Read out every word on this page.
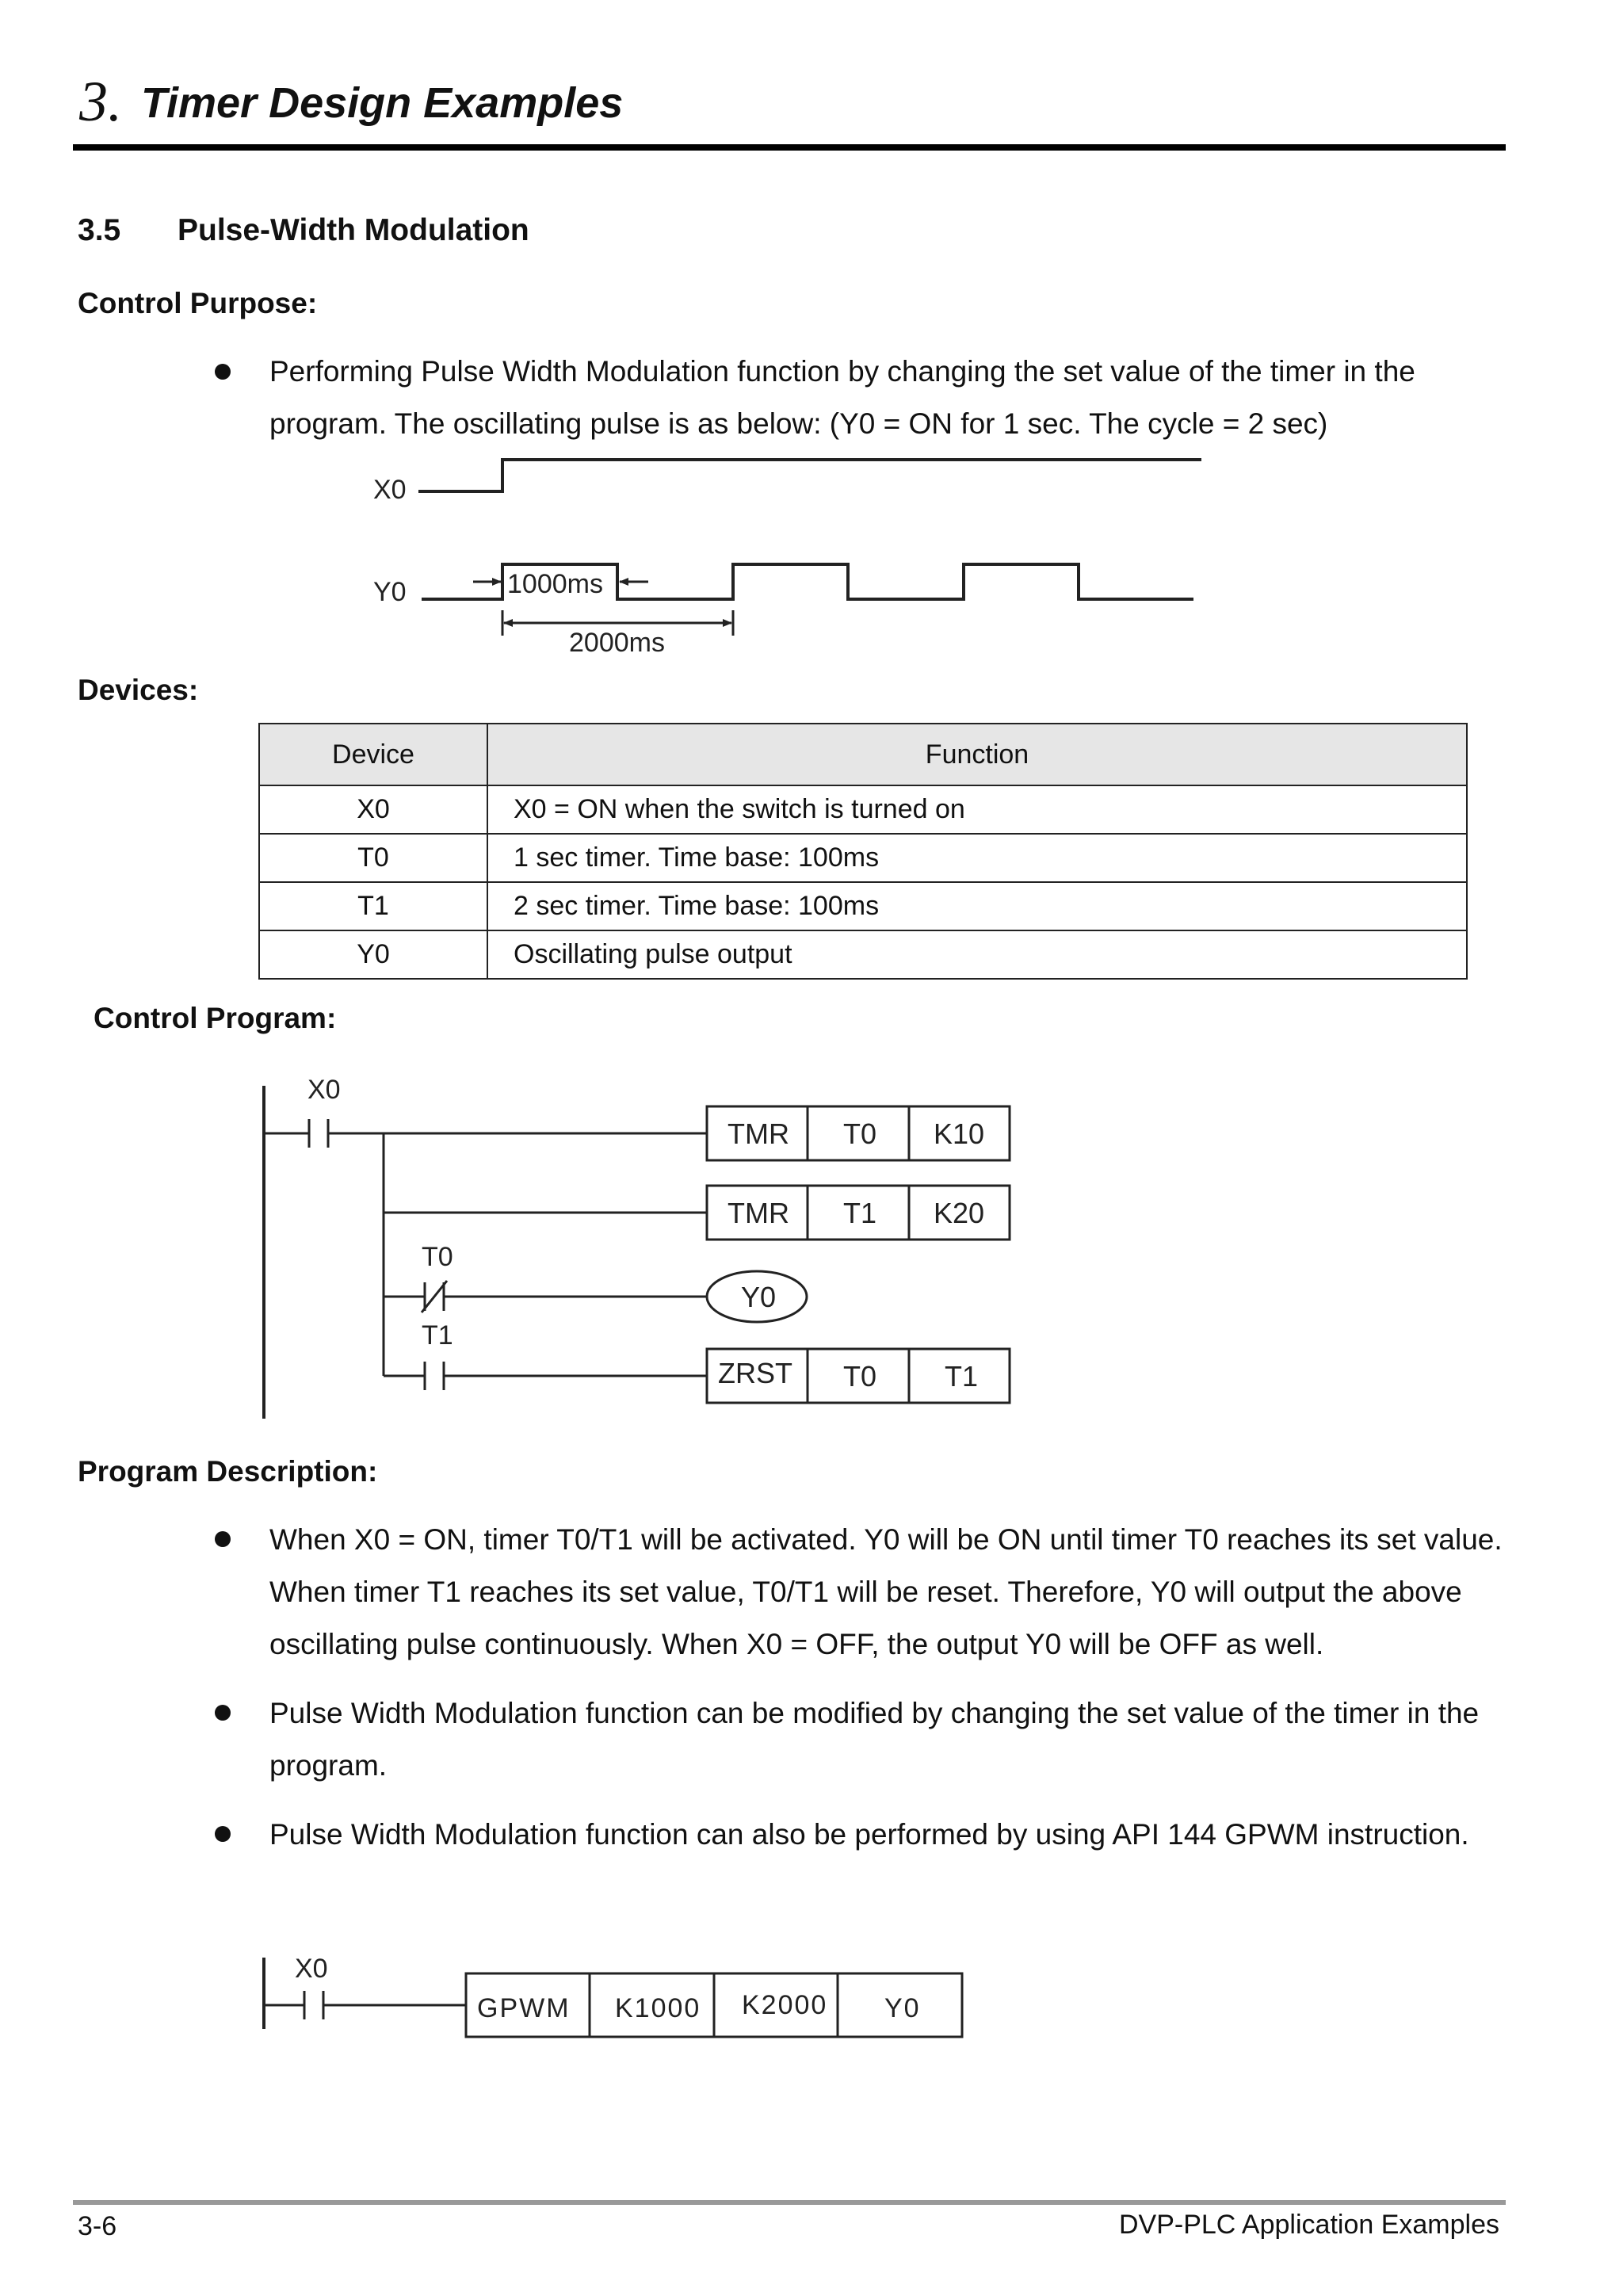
3. Timer Design Examples
3.5 Pulse-Width Modulation
Control Purpose:
Performing Pulse Width Modulation function by changing the set value of the timer in the program. The oscillating pulse is as below: (Y0 = ON for 1 sec. The cycle = 2 sec)
X0
Y0	1000ms
2000ms
Devices:
Device	Function
X0	X0 = ON when the switch is turned on
T0	1 sec timer. Time base: 100ms
T1	2 sec timer. Time base: 100ms
Y0	Oscillating pulse output
Control Program:
X0
TMR T0 K10
TMR T1 K20
T0
Y0
T1
ZRST T0 T1
Program Description:
When X0 = ON, timer T0/T1 will be activated. Y0 will be ON until timer T0 reaches its set value. When timer T1 reaches its set value, T0/T1 will be reset. Therefore, Y0 will output the above oscillating pulse continuously. When X0 = OFF, the output Y0 will be OFF as well.
Pulse Width Modulation function can be modified by changing the set value of the timer in the program.
Pulse Width Modulation function can also be performed by using API 144 GPWM instruction.
X0
GPWM K1000 K2000 Y0
3-6	DVP-PLC Application Examples
